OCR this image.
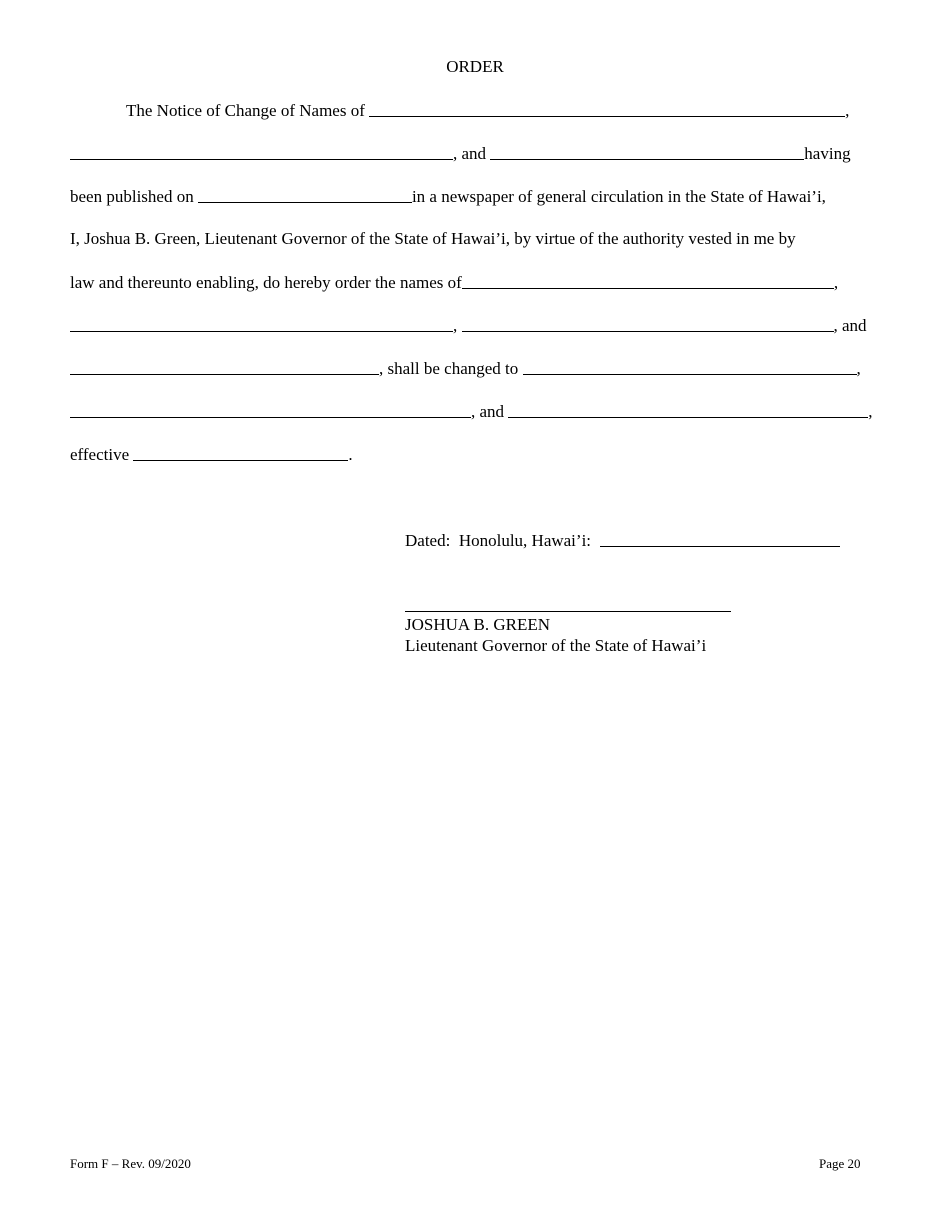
ORDER
The Notice of Change of Names of	,
, and	having
been published on	in a newspaper of general circulation in the State of Hawai’i,
I, Joshua B. Green, Lieutenant Governor of the State of Hawai’i, by virtue of the authority vested in me by
law and thereunto enabling, do hereby order the names of	,
,	, and
, shall be changed to	,
, and	,
effective	.
Dated:  Honolulu, Hawai’i:
JOSHUA B. GREEN
Lieutenant Governor of the State of Hawai’i
Form F – Rev. 09/2020	Page 20
